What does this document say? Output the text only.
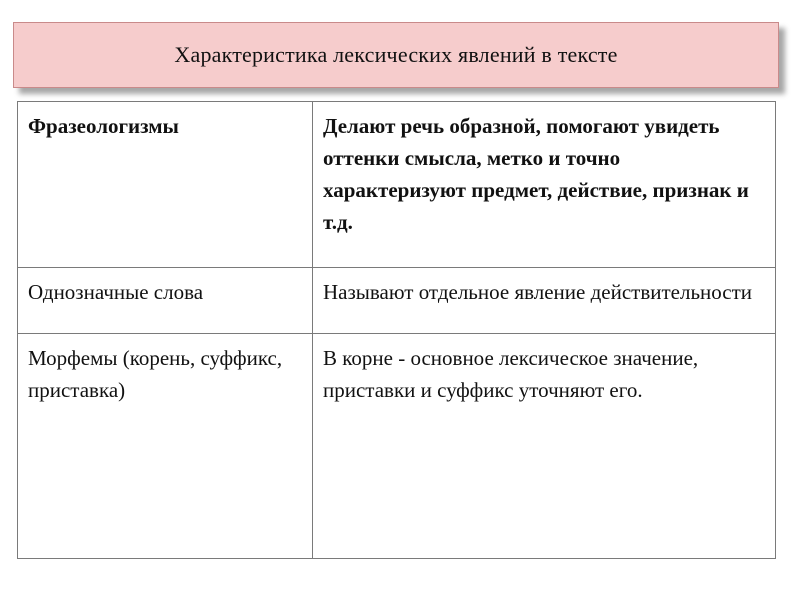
Характеристика лексических явлений в тексте
Фразеологизмы	Делают речь образной, помогают увидеть оттенки смысла, метко и точно характеризуют предмет, действие, признак и т.д.
Однозначные слова	Называют отдельное явление действительности
Морфемы (корень, суффикс, приставка)	В корне - основное лексическое значение, приставки и суффикс уточняют его.
